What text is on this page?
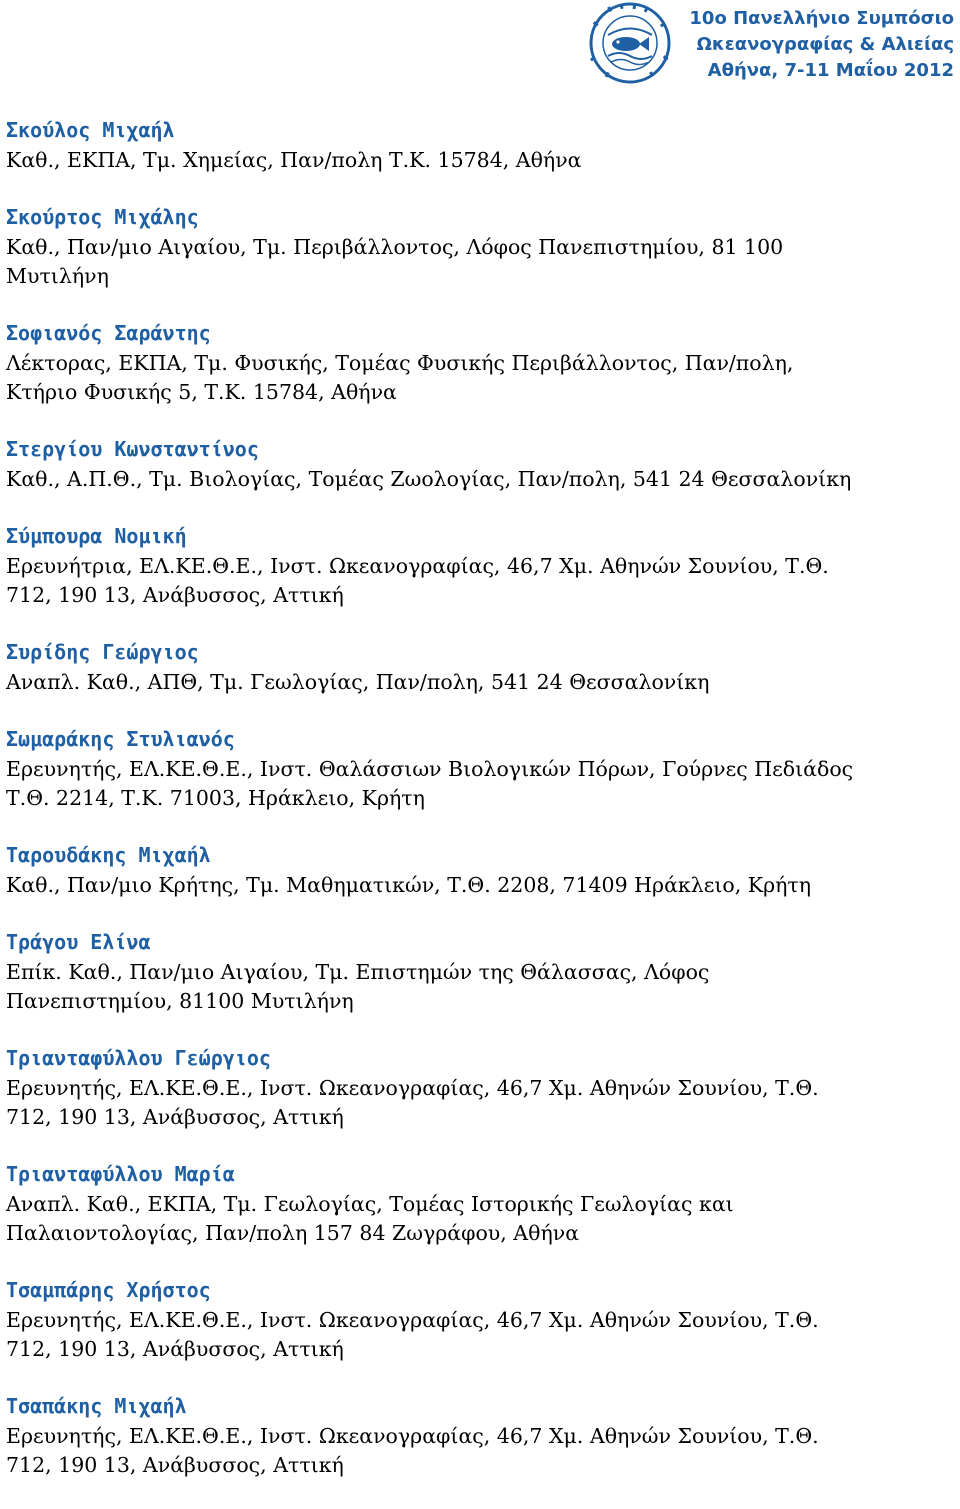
10ο Πανελλήνιο Συμπόσιο
Ωκεανογραφίας & Αλιείας
Αθήνα, 7-11 Μαΐου 2012
Σκούλος Μιχαήλ
Καθ., ΕΚΠΑ, Τμ. Χημείας, Παν/πολη Τ.Κ. 15784, Αθήνα
Σκούρτος Μιχάλης
Καθ., Παν/μιο Αιγαίου, Τμ. Περιβάλλοντος, Λόφος Πανεπιστημίου, 81 100
Μυτιλήνη
Σοφιανός Σαράντης
Λέκτορας, ΕΚΠΑ, Τμ. Φυσικής, Τομέας Φυσικής Περιβάλλοντος, Παν/πολη,
Κτήριο Φυσικής 5, Τ.Κ. 15784, Αθήνα
Στεργίου Κωνσταντίνος
Καθ., Α.Π.Θ., Τμ. Βιολογίας, Τομέας Ζωολογίας, Παν/πολη, 541 24 Θεσσαλονίκη
Σύμπουρα Νομική
Ερευνήτρια, ΕΛ.ΚΕ.Θ.Ε., Ινστ. Ωκεανογραφίας, 46,7 Χμ. Αθηνών Σουνίου, Τ.Θ.
712, 190 13, Ανάβυσσος, Αττική
Συρίδης Γεώργιος
Αναπλ. Καθ., ΑΠΘ, Τμ. Γεωλογίας, Παν/πολη, 541 24 Θεσσαλονίκη
Σωμαράκης Στυλιανός
Ερευνητής, ΕΛ.ΚΕ.Θ.Ε., Ινστ. Θαλάσσιων Βιολογικών Πόρων, Γούρνες Πεδιάδος
Τ.Θ. 2214, Τ.Κ. 71003, Ηράκλειο, Κρήτη
Ταρουδάκης Μιχαήλ
Καθ., Παν/μιο Κρήτης, Τμ. Μαθηματικών, Τ.Θ. 2208, 71409 Ηράκλειο, Κρήτη
Τράγου Ελίνα
Επίκ. Καθ., Παν/μιο Αιγαίου, Τμ. Επιστημών της Θάλασσας, Λόφος
Πανεπιστημίου, 81100 Μυτιλήνη
Τριανταφύλλου Γεώργιος
Ερευνητής, ΕΛ.ΚΕ.Θ.Ε., Ινστ. Ωκεανογραφίας, 46,7 Χμ. Αθηνών Σουνίου, Τ.Θ.
712, 190 13, Ανάβυσσος, Αττική
Τριανταφύλλου Μαρία
Αναπλ. Καθ., ΕΚΠΑ, Τμ. Γεωλογίας, Τομέας Ιστορικής Γεωλογίας και
Παλαιοντολογίας, Παν/πολη 157 84 Ζωγράφου, Αθήνα
Τσαμπάρης Χρήστος
Ερευνητής, ΕΛ.ΚΕ.Θ.Ε., Ινστ. Ωκεανογραφίας, 46,7 Χμ. Αθηνών Σουνίου, Τ.Θ.
712, 190 13, Ανάβυσσος, Αττική
Τσαπάκης Μιχαήλ
Ερευνητής, ΕΛ.ΚΕ.Θ.Ε., Ινστ. Ωκεανογραφίας, 46,7 Χμ. Αθηνών Σουνίου, Τ.Θ.
712, 190 13, Ανάβυσσος, Αττική
